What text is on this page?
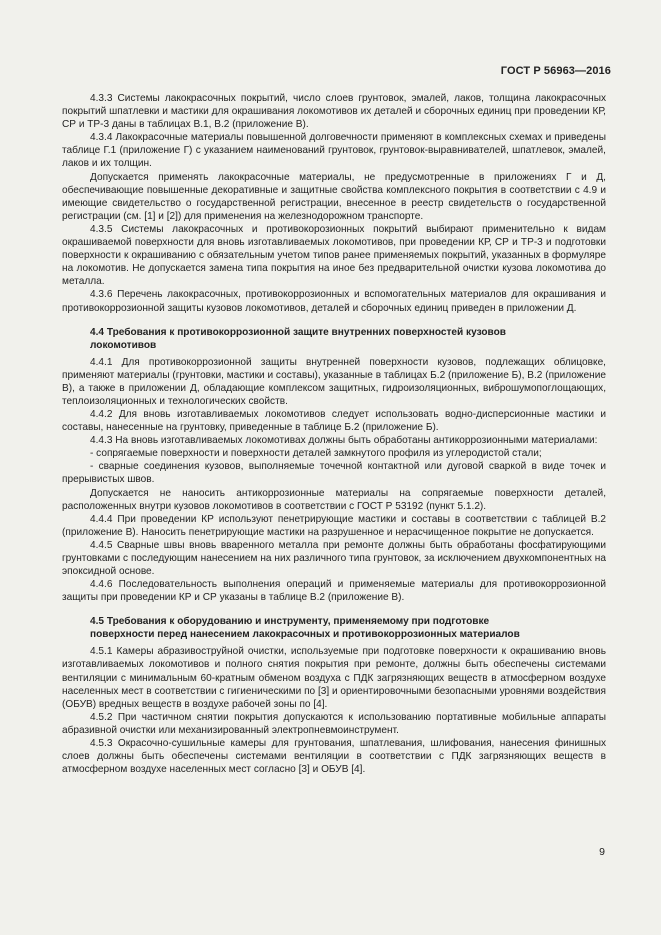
ГОСТ Р 56963—2016

4.3.3 Системы лакокрасочных покрытий, число слоев грунтовок, эмалей, лаков, толщина лакокрасочных покрытий шпатлевки и мастики для окрашивания локомотивов их деталей и сборочных единиц при проведении КР, СР и ТР-3 даны в таблицах В.1, В.2 (приложение В).

4.3.4 Лакокрасочные материалы повышенной долговечности применяют в комплексных схемах и приведены таблице Г.1 (приложение Г) с указанием наименований грунтовок, грунтовок-выравнивателей, шпатлевок, эмалей, лаков и их толщин.

Допускается применять лакокрасочные материалы, не предусмотренные в приложениях Г и Д, обеспечивающие повышенные декоративные и защитные свойства комплексного покрытия в соответствии с 4.9 и имеющие свидетельство о государственной регистрации, внесенное в реестр свидетельств о государственной регистрации (см. [1] и [2]) для применения на железнодорожном транспорте.

4.3.5 Системы лакокрасочных и противокорозионных покрытий выбирают применительно к видам окрашиваемой поверхности для вновь изготавливаемых локомотивов, при проведении КР, СР и ТР-3 и подготовки поверхности к окрашиванию с обязательным учетом типов ранее применяемых покрытий, указанных в формуляре на локомотив. Не допускается замена типа покрытия на иное без предварительной очистки кузова локомотива до металла.

4.3.6 Перечень лакокрасочных, противокоррозионных и вспомогательных материалов для окрашивания и противокоррозионной защиты кузовов локомотивов, деталей и сборочных единиц приведен в приложении Д.

4.4 Требования к противокоррозионной защите внутренних поверхностей кузовов
локомотивов

4.4.1 Для противокоррозионной защиты внутренней поверхности кузовов, подлежащих облицовке, применяют материалы (грунтовки, мастики и составы), указанные в таблицах Б.2 (приложение Б), В.2 (приложение В), а также в приложении Д, обладающие комплексом защитных, гидроизоляционных, виброшумопоглощающих, теплоизоляционных и технологических свойств.

4.4.2 Для вновь изготавливаемых локомотивов следует использовать водно-дисперсионные мастики и составы, нанесенные на грунтовку, приведенные в таблице Б.2 (приложение Б).

4.4.3 На вновь изготавливаемых локомотивах должны быть обработаны антикоррозионными материалами:

- сопрягаемые поверхности и поверхности деталей замкнутого профиля из углеродистой стали;

- сварные соединения кузовов, выполняемые точечной контактной или дуговой сваркой в виде точек и прерывистых швов.

Допускается не наносить антикоррозионные материалы на сопрягаемые поверхности деталей, расположенных внутри кузовов локомотивов в соответствии с ГОСТ Р 53192 (пункт 5.1.2).

4.4.4 При проведении КР используют пенетрирующие мастики и составы в соответствии с таблицей В.2 (приложение В). Наносить пенетрирующие мастики на разрушенное и нерасчищенное покрытие не допускается.

4.4.5 Сварные швы вновь вваренного металла при ремонте должны быть обработаны фосфатирующими грунтовками с последующим нанесением на них различного типа грунтовок, за исключением двухкомпонентных на эпоксидной основе.

4.4.6 Последовательность выполнения операций и применяемые материалы для противокоррозионной защиты при проведении КР и СР указаны в таблице В.2 (приложение В).

4.5 Требования к оборудованию и инструменту, применяемому при подготовке
поверхности перед нанесением лакокрасочных и противокоррозионных материалов

4.5.1 Камеры абразивоструйной очистки, используемые при подготовке поверхности к окрашиванию вновь изготавливаемых локомотивов и полного снятия покрытия при ремонте, должны быть обеспечены системами вентиляции с минимальным 60-кратным обменом воздуха с ПДК загрязняющих веществ в атмосферном воздухе населенных мест в соответствии с гигиеническими по [3] и ориентировочными безопасными уровнями воздействия (ОБУВ) вредных веществ в воздухе рабочей зоны по [4].

4.5.2 При частичном снятии покрытия допускаются к использованию портативные мобильные аппараты абразивной очистки или механизированный электропневмоинструмент.

4.5.3 Окрасочно-сушильные камеры для грунтования, шпатлевания, шлифования, нанесения финишных слоев должны быть обеспечены системами вентиляции в соответствии с ПДК загрязняющих веществ в атмосферном воздухе населенных мест согласно [3] и ОБУВ [4].

9
